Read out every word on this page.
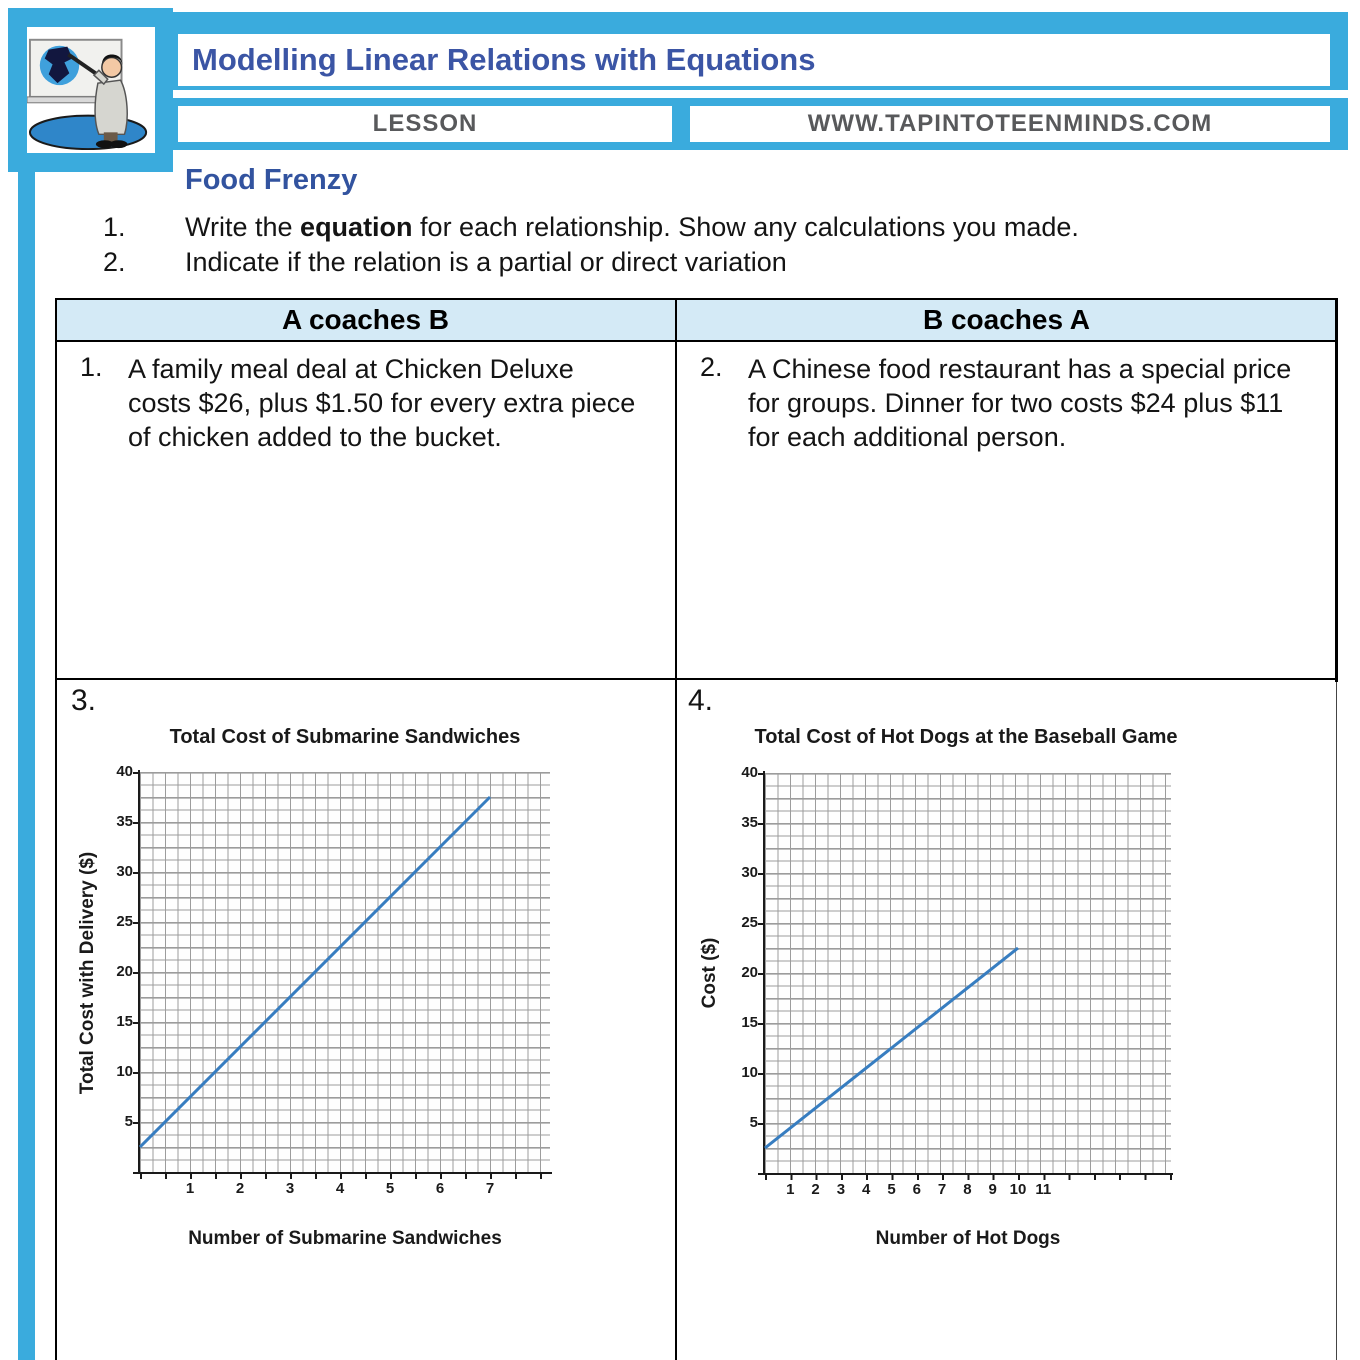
Modelling Linear Relations with Equations
LESSON	WWW.TAPINTOTEENMINDS.COM
Food Frenzy
1.	Write the equation for each relationship. Show any calculations you made.
2.	Indicate if the relation is a partial or direct variation
A coaches B	B coaches A
1. A family meal deal at Chicken Deluxe costs $26, plus $1.50 for every extra piece of chicken added to the bucket.
2. A Chinese food restaurant has a special price for groups. Dinner for two costs $24 plus $11 for each additional person.
3.
Total Cost of Submarine Sandwiches
Total Cost with Delivery ($)
5
10
15
20
25
30
35
40
1	2	3	4	5	6	7
Number of Submarine Sandwiches
4.
Total Cost of Hot Dogs at the Baseball Game
Cost ($)
5
10
15
20
25
30
35
40
1	2	3	4	5	6	7	8	9 10 11
Number of Hot Dogs
